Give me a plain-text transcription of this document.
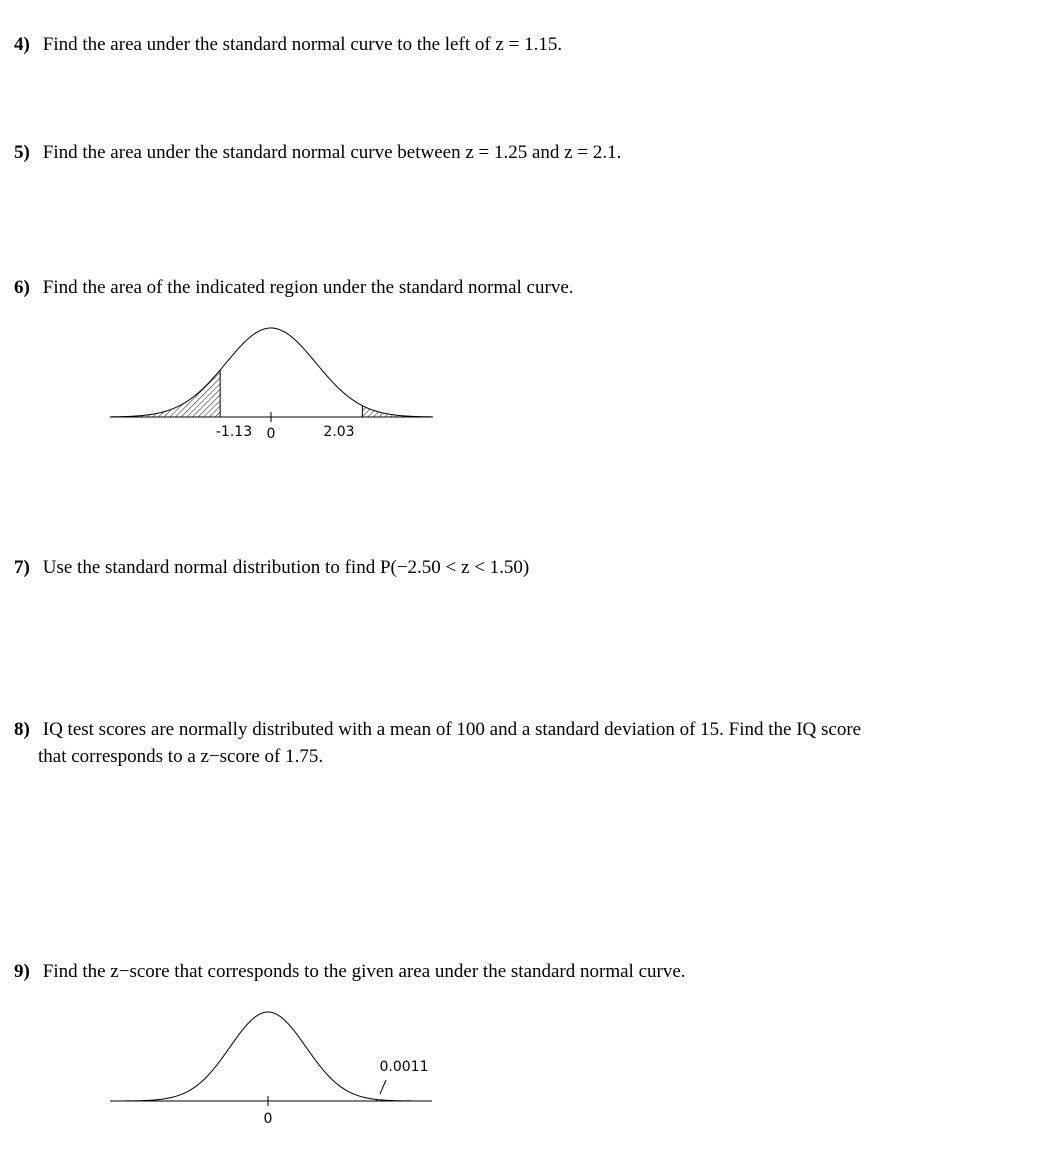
4) Find the area under the standard normal curve to the left of z = 1.15.
5) Find the area under the standard normal curve between z = 1.25 and z = 2.1.
6) Find the area of the indicated region under the standard normal curve.
-1.13 0	2.03
7) Use the standard normal distribution to find P(−2.50 < z < 1.50)
8) IQ test scores are normally distributed with a mean of 100 and a standard deviation of 15. Find the IQ score
that corresponds to a z−score of 1.75.
9) Find the z−score that corresponds to the given area under the standard normal curve.
0
0.0011
